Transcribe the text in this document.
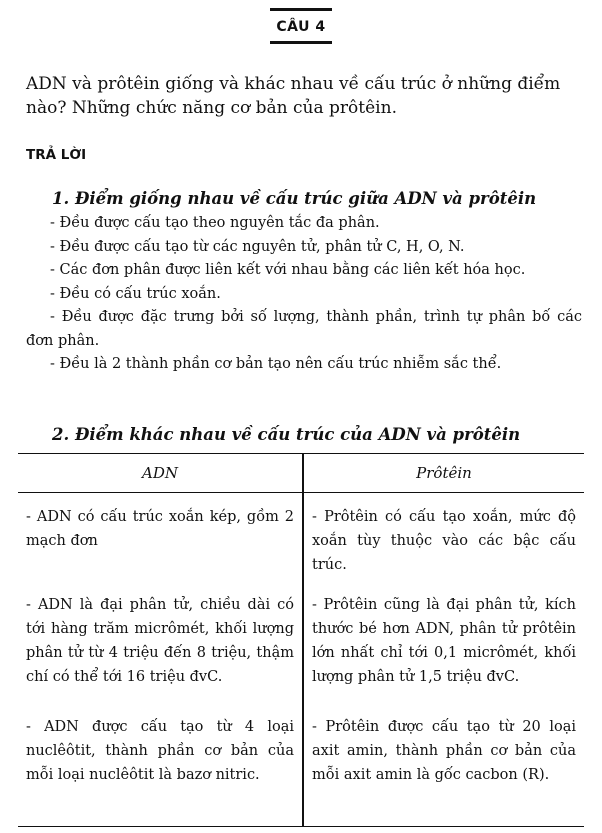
CÂU 4
ADN và prôtêin giống và khác nhau về cấu trúc ở những điểm nào? Những chức năng cơ bản của prôtêin.
TRẢ LỜI
1. Điểm giống nhau về cấu trúc giữa ADN và prôtêin

- Đều được cấu tạo theo nguyên tắc đa phân.

- Đều được cấu tạo từ các nguyên tử, phân tử C, H, O, N.

- Các đơn phân được liên kết với nhau bằng các liên kết hóa học.

- Đều có cấu trúc xoắn.

- Đều được đặc trưng bởi số lượng, thành phần, trình tự phân bố các đơn phân.

- Đều là 2 thành phần cơ bản tạo nên cấu trúc nhiễm sắc thể.

2. Điểm khác nhau về cấu trúc của ADN và prôtêin
ADN	Prôtêin
- ADN có cấu trúc xoắn kép, gồm 2 mạch đơn
- Prôtêin có cấu tạo xoắn, mức độ xoắn tùy thuộc vào các bậc cấu trúc.
- ADN là đại phân tử, chiều dài có tới hàng trăm micrômét, khối lượng phân tử từ 4 triệu đến 8 triệu, thậm chí có thể tới 16 triệu đvC.
- Prôtêin cũng là đại phân tử, kích thước bé hơn ADN, phân tử prôtêin lớn nhất chỉ tới 0,1 micrômét, khối lượng phân tử 1,5 triệu đvC.
- ADN được cấu tạo từ 4 loại nuclêôtit, thành phần cơ bản của mỗi loại nuclêôtit là bazơ nitric.
- Prôtêin được cấu tạo từ 20 loại axit amin, thành phần cơ bản của mỗi axit amin là gốc cacbon (R).
